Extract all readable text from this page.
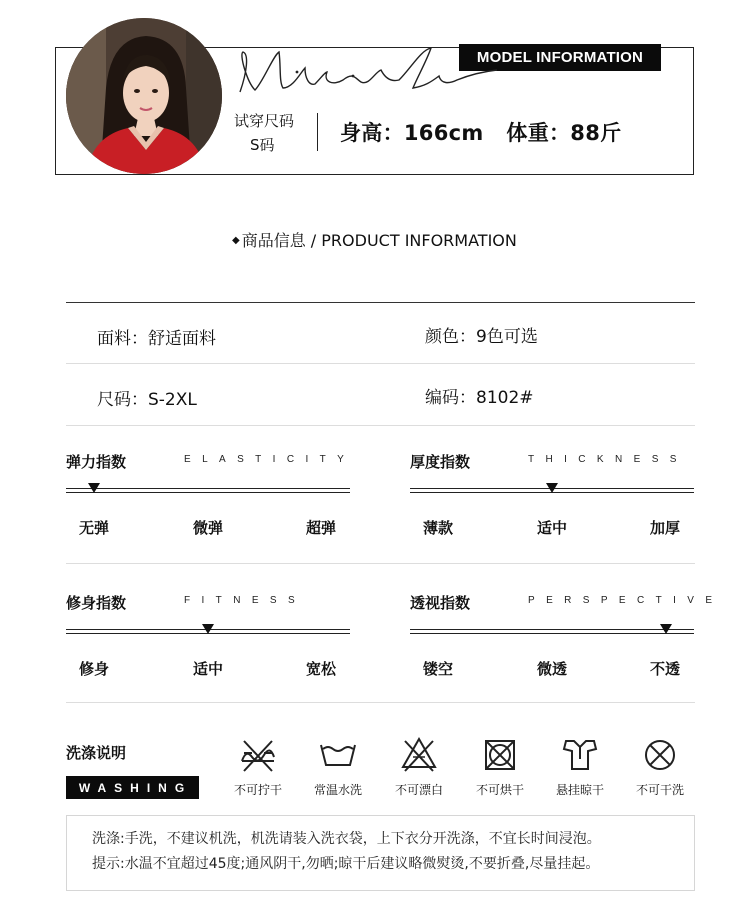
MODEL INFORMATION
试穿尺码
S码	身高：166cm   体重：88斤
◆ 商品信息 / PRODUCT INFORMATION
面料：舒适面料	颜色：9色可选
尺码：S-2XL	编码：8102#
弹力指数	ELASTICITY
无弹	微弹	超弹
厚度指数	THICKNESS
薄款	适中	加厚
修身指数	FITNESS
修身	适中	宽松
透视指数	PERSPECTIVE
镂空	微透	不透
洗涤说明
WASHING	不可拧干	常温水洗	不可漂白	不可烘干	悬挂晾干	不可干洗
洗涤:手洗，不建议机洗，机洗请装入洗衣袋，上下衣分开洗涤，不宜长时间浸泡。
提示:水温不宜超过45度;通风阴干,勿晒;晾干后建议略微熨烫,不要折叠,尽量挂起。
